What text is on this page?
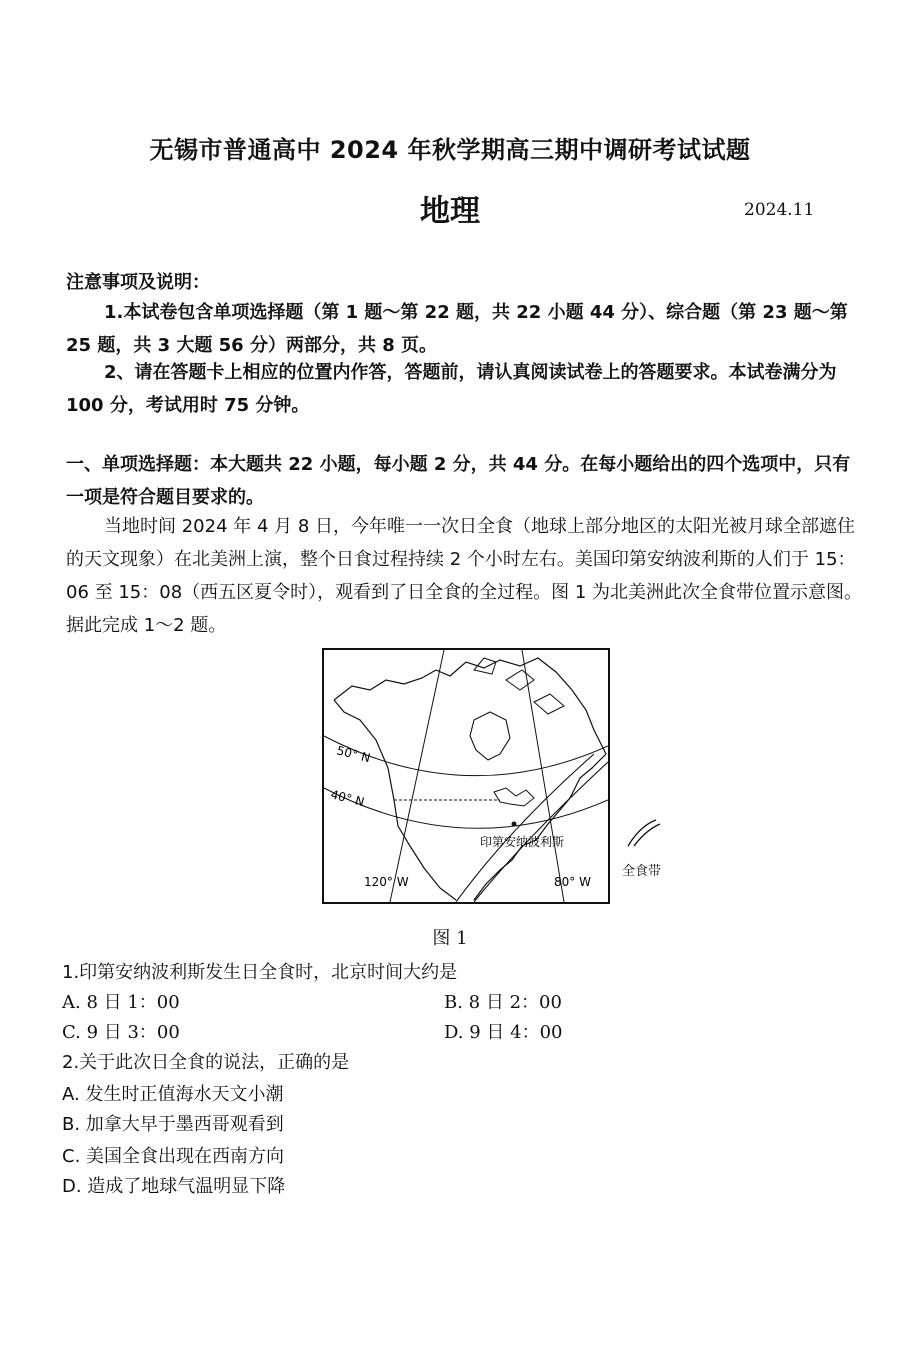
无锡市普通高中 2024 年秋学期高三期中调研考试试题
地理	2024.11
注意事项及说明：
1.本试卷包含单项选择题（第 1 题～第 22 题，共 22 小题 44 分）、综合题（第 23 题～第 25 题，共 3 大题 56 分）两部分，共 8 页。
2、请在答题卡上相应的位置内作答，答题前，请认真阅读试卷上的答题要求。本试卷满分为 100 分，考试用时 75 分钟。
一、单项选择题：本大题共 22 小题，每小题 2 分，共 44 分。在每小题给出的四个选项中，只有一项是符合题目要求的。
当地时间 2024 年 4 月 8 日，今年唯一一次日全食（地球上部分地区的太阳光被月球全部遮住的天文现象）在北美洲上演，整个日食过程持续 2 个小时左右。美国印第安纳波利斯的人们于 15：06 至 15：08（西五区夏令时），观看到了日全食的全过程。图 1 为北美洲此次全食带位置示意图。据此完成 1～2 题。
50° N
40° N
120° W	80° W
印第安纳波利斯
全食带
图 1
1.印第安纳波利斯发生日全食时，北京时间大约是
A. 8 日 1：00	B. 8 日 2：00
C. 9 日 3：00	D. 9 日 4：00
2.关于此次日全食的说法，正确的是
A. 发生时正值海水天文小潮
B. 加拿大早于墨西哥观看到
C. 美国全食出现在西南方向
D. 造成了地球气温明显下降
